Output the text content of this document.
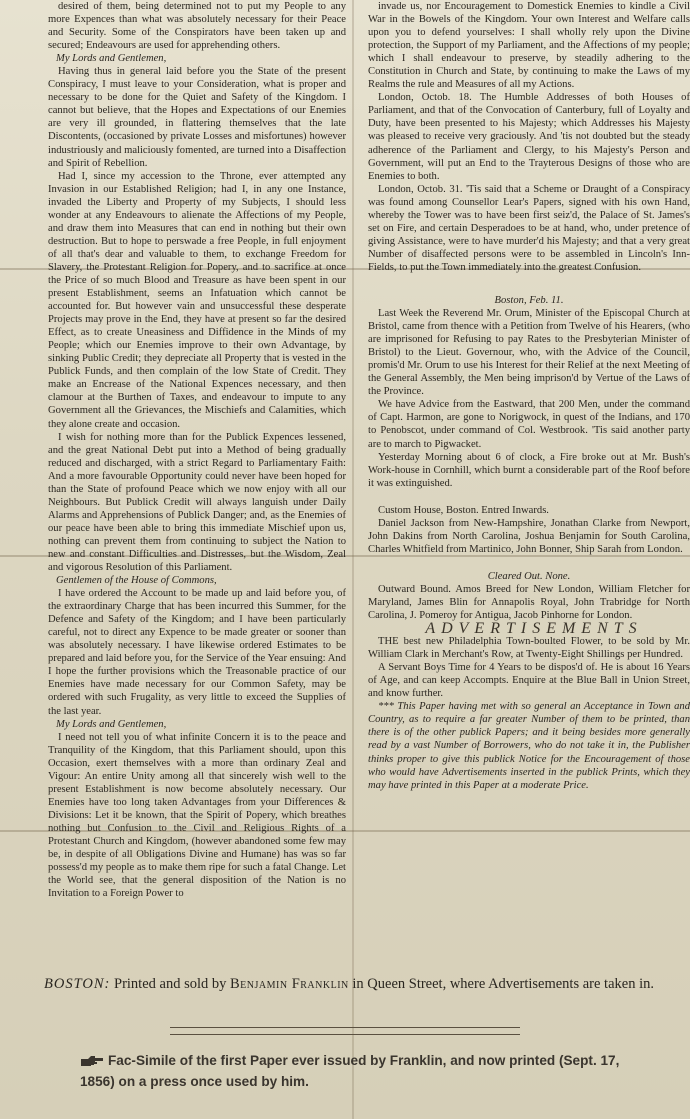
desired of them, being determined not to put my People to any more Expences than what was absolutely necessary for their Peace and Security. Some of the Conspirators have been taken up and secured; Endeavours are used for apprehending others.

My Lords and Gentlemen,

Having thus in general laid before you the State of the present Conspiracy, I must leave to your Consideration, what is proper and necessary to be done for the Quiet and Safety of the Kingdom. I cannot but believe, that the Hopes and Expectations of our Enemies are very ill grounded, in flattering themselves that the late Discontents, (occasioned by private Losses and misfortunes) however industriously and maliciously fomented, are turned into a Disaffection and Spirit of Rebellion.

Had I, since my accession to the Throne, ever attempted any Invasion in our Established Religion; had I, in any one Instance, invaded the Liberty and Property of my Subjects, I should less wonder at any Endeavours to alienate the Affections of my People, and draw them into Measures that can end in nothing but their own destruction. But to hope to perswade a free People, in full enjoyment of all that's dear and valuable to them, to exchange Freedom for Slavery, the Protestant Religion for Popery, and to sacrifice at once the Price of so much Blood and Treasure as have been spent in our present Establishment, seems an Infatuation which cannot be accounted for. But however vain and unsuccessful these desperate Projects may prove in the End, they have at present so far the desired Effect, as to create Uneasiness and Diffidence in the Minds of my People; which our Enemies improve to their own Advantage, by sinking Public Credit; they depreciate all Property that is vested in the Publick Funds, and then complain of the low State of Credit. They make an Encrease of the National Expences necessary, and then clamour at the Burthen of Taxes, and endeavour to impute to any Government all the Grievances, the Mischiefs and Calamities, which they alone create and occasion.

I wish for nothing more than for the Publick Expences lessened, and the great National Debt put into a Method of being gradually reduced and discharged, with a strict Regard to Parliamentary Faith: And a more favourable Opportunity could never have been hoped for than the State of profound Peace which we now enjoy with all our Neighbours. But Publick Credit will always languish under Daily Alarms and Apprehensions of Publick Danger; and, as the Enemies of our peace have been able to bring this immediate Mischief upon us, nothing can prevent them from continuing to subject the Nation to new and constant Difficulties and Distresses, but the Wisdom, Zeal and vigorous Resolution of this Parliament.

Gentlemen of the House of Commons,

I have ordered the Account to be made up and laid before you, of the extraordinary Charge that has been incurred this Summer, for the Defence and Safety of the Kingdom; and I have been particularly careful, not to direct any Expence to be made greater or sooner than was absolutely necessary. I have likewise ordered Estimates to be prepared and laid before you, for the Service of the Year ensuing: And I hope the further provisions which the Treasonable practice of our Enemies have made necessary for our Common Safety, may be ordered with such Frugality, as very little to exceed the Supplies of the last year.

My Lords and Gentlemen,

I need not tell you of what infinite Concern it is to the peace and Tranquility of the Kingdom, that this Parliament should, upon this Occasion, exert themselves with a more than ordinary Zeal and Vigour: An entire Unity among all that sincerely wish well to the present Establishment is now become absolutely necessary. Our Enemies have too long taken Advantages from your Differences & Divisions: Let it be known, that the Spirit of Popery, which breathes nothing but Confusion to the Civil and Religious Rights of a Protestant Church and Kingdom, (however abandoned some few may be, in despite of all Obligations Divine and Humane) has was so far possess'd my people as to make them ripe for such a fatal Change. Let the World see, that the general disposition of the Nation is no Invitation to a Foreign Power to

invade us, nor Encouragement to Domestick Enemies to kindle a Civil War in the Bowels of the Kingdom. Your own Interest and Welfare calls upon you to defend yourselves: I shall wholly rely upon the Divine protection, the Support of my Parliament, and the Affections of my people; which I shall endeavour to preserve, by steadily adhering to the Constitution in Church and State, by continuing to make the Laws of my Realms the rule and Measures of all my Actions.

London, Octob. 18. The Humble Addresses of both Houses of Parliament, and that of the Convocation of Canterbury, full of Loyalty and Duty, have been presented to his Majesty; which Addresses his Majesty was pleased to receive very graciously. And 'tis not doubted but the steady adherence of the Parliament and Clergy, to his Majesty's Person and Government, will put an End to the Trayterous Designs of those who are Enemies to both.

London, Octob. 31. 'Tis said that a Scheme or Draught of a Conspiracy was found among Counsellor Lear's Papers, signed with his own Hand, whereby the Tower was to have been first seiz'd, the Palace of St. James's set on Fire, and certain Desperadoes to be at hand, who, under pretence of giving Assistance, were to have murder'd his Majesty; and that a very great Number of disaffected persons were to be assembled in Lincoln's Inn-Fields, to put the Town immediately into the greatest Confusion.

Boston, Feb. 11.

Last Week the Reverend Mr. Orum, Minister of the Episcopal Church at Bristol, came from thence with a Petition from Twelve of his Hearers, (who are imprisoned for Refusing to pay Rates to the Presbyterian Minister of Bristol) to the Lieut. Governour, who, with the Advice of the Council, promis'd Mr. Orum to use his Interest for their Relief at the next Meeting of the General Assembly, the Men being imprison'd by Vertue of the Laws of the Province.

We have Advice from the Eastward, that 200 Men, under the command of Capt. Harmon, are gone to Norigwock, in quest of the Indians, and 170 to Penobscot, under command of Col. Westbrook. 'Tis said another party are to march to Pigwacket.

Yesterday Morning about 6 of clock, a Fire broke out at Mr. Bush's Work-house in Cornhill, which burnt a considerable part of the Roof before it was extinguished.

Custom House, Boston. Entred Inwards.

Daniel Jackson from New-Hampshire, Jonathan Clarke from Newport, John Dakins from North Carolina, Joshua Benjamin for South Carolina, Charles Whitfield from Martinico, John Bonner, Ship Sarah from London.

Cleared Out. None.

Outward Bound. Amos Breed for New London, William Fletcher for Maryland, James Blin for Annapolis Royal, John Trabridge for North Carolina, J. Pomeroy for Antigua, Jacob Pinhorne for London.

ADVERTISEMENTS

THE best new Philadelphia Town-boulted Flower, to be sold by Mr. William Clark in Merchant's Row, at Twenty-Eight Shillings per Hundred.

A Servant Boys Time for 4 Years to be dispos'd of. He is about 16 Years of Age, and can keep Accompts. Enquire at the Blue Ball in Union Street, and know further.

*** This Paper having met with so general an Acceptance in Town and Country, as to require a far greater Number of them to be printed, than there is of the other publick Papers; and it being besides more generally read by a vast Number of Borrowers, who do not take it in, the Publisher thinks proper to give this publick Notice for the Encouragement of those who would have Advertisements inserted in the publick Prints, which they may have printed in this Paper at a moderate Price.

BOSTON: Printed and sold by Benjamin Franklin in Queen Street, where Advertisements are taken in.
Fac-Simile of the first Paper ever issued by Franklin, and now printed (Sept. 17, 1856) on a press once used by him.
